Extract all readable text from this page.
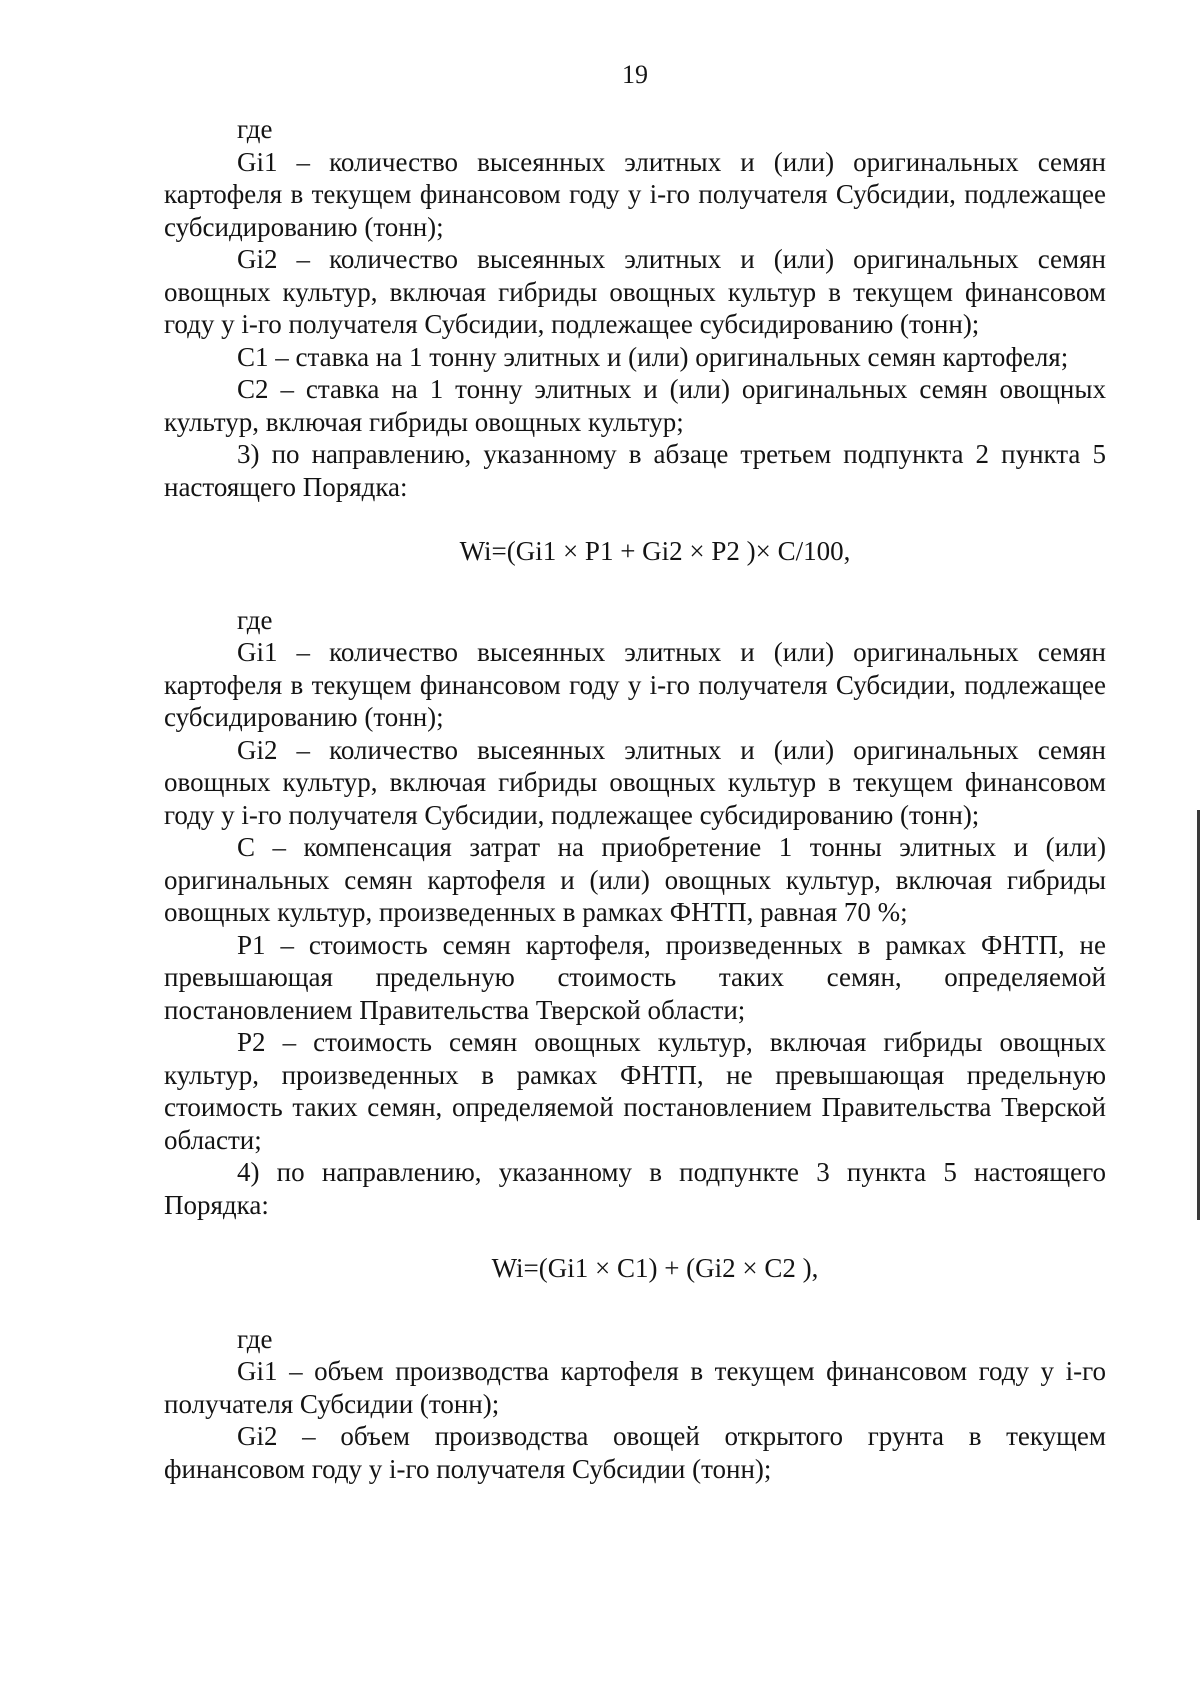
19

где

Gi1 – количество высеянных элитных и (или) оригинальных семян картофеля в текущем финансовом году у i-го получателя Субсидии, подлежащее субсидированию (тонн);

Gi2 – количество высеянных элитных и (или) оригинальных семян овощных культур, включая гибриды овощных культур в текущем финансовом году у i-го получателя Субсидии, подлежащее субсидированию (тонн);

C1 – ставка на 1 тонну элитных и (или) оригинальных семян картофеля;

C2 – ставка на 1 тонну элитных и (или) оригинальных семян овощных культур, включая гибриды овощных культур;

3) по направлению, указанному в абзаце третьем подпункта 2 пункта 5 настоящего Порядка:

Wi=(Gi1 × P1 + Gi2 × P2 )× C/100,

где

Gi1 – количество высеянных элитных и (или) оригинальных семян картофеля в текущем финансовом году у i-го получателя Субсидии, подлежащее субсидированию (тонн);

Gi2 – количество высеянных элитных и (или) оригинальных семян овощных культур, включая гибриды овощных культур в текущем финансовом году у i-го получателя Субсидии, подлежащее субсидированию (тонн);

C – компенсация затрат на приобретение 1 тонны элитных и (или) оригинальных семян картофеля и (или) овощных культур, включая гибриды овощных культур, произведенных в рамках ФНТП, равная 70 %;

P1 – стоимость семян картофеля, произведенных в рамках ФНТП, не превышающая предельную стоимость таких семян, определяемой постановлением Правительства Тверской области;

P2 – стоимость семян овощных культур, включая гибриды овощных культур, произведенных в рамках ФНТП, не превышающая предельную стоимость таких семян, определяемой постановлением Правительства Тверской области;

4) по направлению, указанному в подпункте 3 пункта 5 настоящего Порядка:

Wi=(Gi1 × C1) + (Gi2 × C2 ),

где

Gi1 – объем производства картофеля в текущем финансовом году у i-го получателя Субсидии (тонн);

Gi2 – объем производства овощей открытого грунта в текущем финансовом году у i-го получателя Субсидии (тонн);
